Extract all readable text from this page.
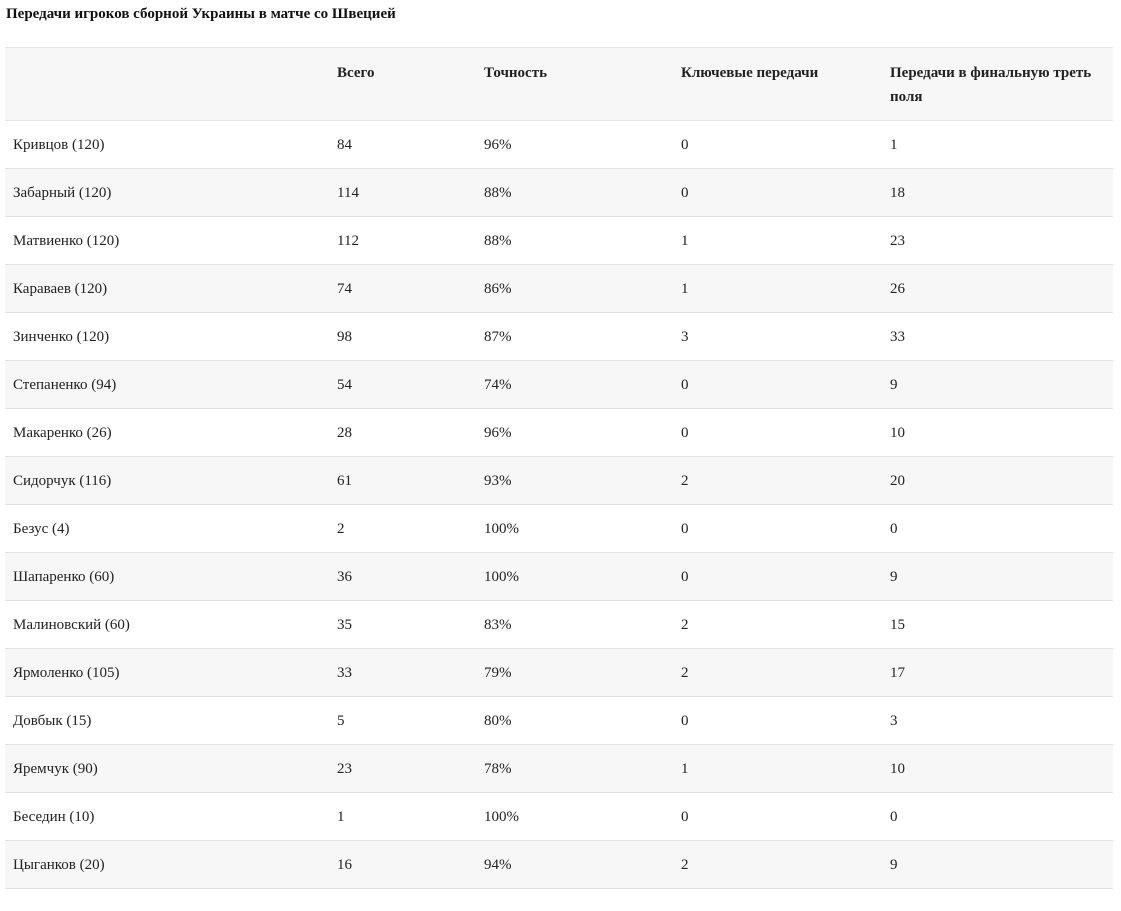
Передачи игроков сборной Украины в матче со Швецией
	Всего	Точность	Ключевые передачи	Передачи в финальную треть поля
Кривцов (120)	84	96%	0	1
Забарный (120)	114	88%	0	18
Матвиенко (120)	112	88%	1	23
Караваев (120)	74	86%	1	26
Зинченко (120)	98	87%	3	33
Степаненко (94)	54	74%	0	9
Макаренко (26)	28	96%	0	10
Сидорчук (116)	61	93%	2	20
Безус (4)	2	100%	0	0
Шапаренко (60)	36	100%	0	9
Малиновский (60)	35	83%	2	15
Ярмоленко (105)	33	79%	2	17
Довбык (15)	5	80%	0	3
Яремчук (90)	23	78%	1	10
Беседин (10)	1	100%	0	0
Цыганков (20)	16	94%	2	9
